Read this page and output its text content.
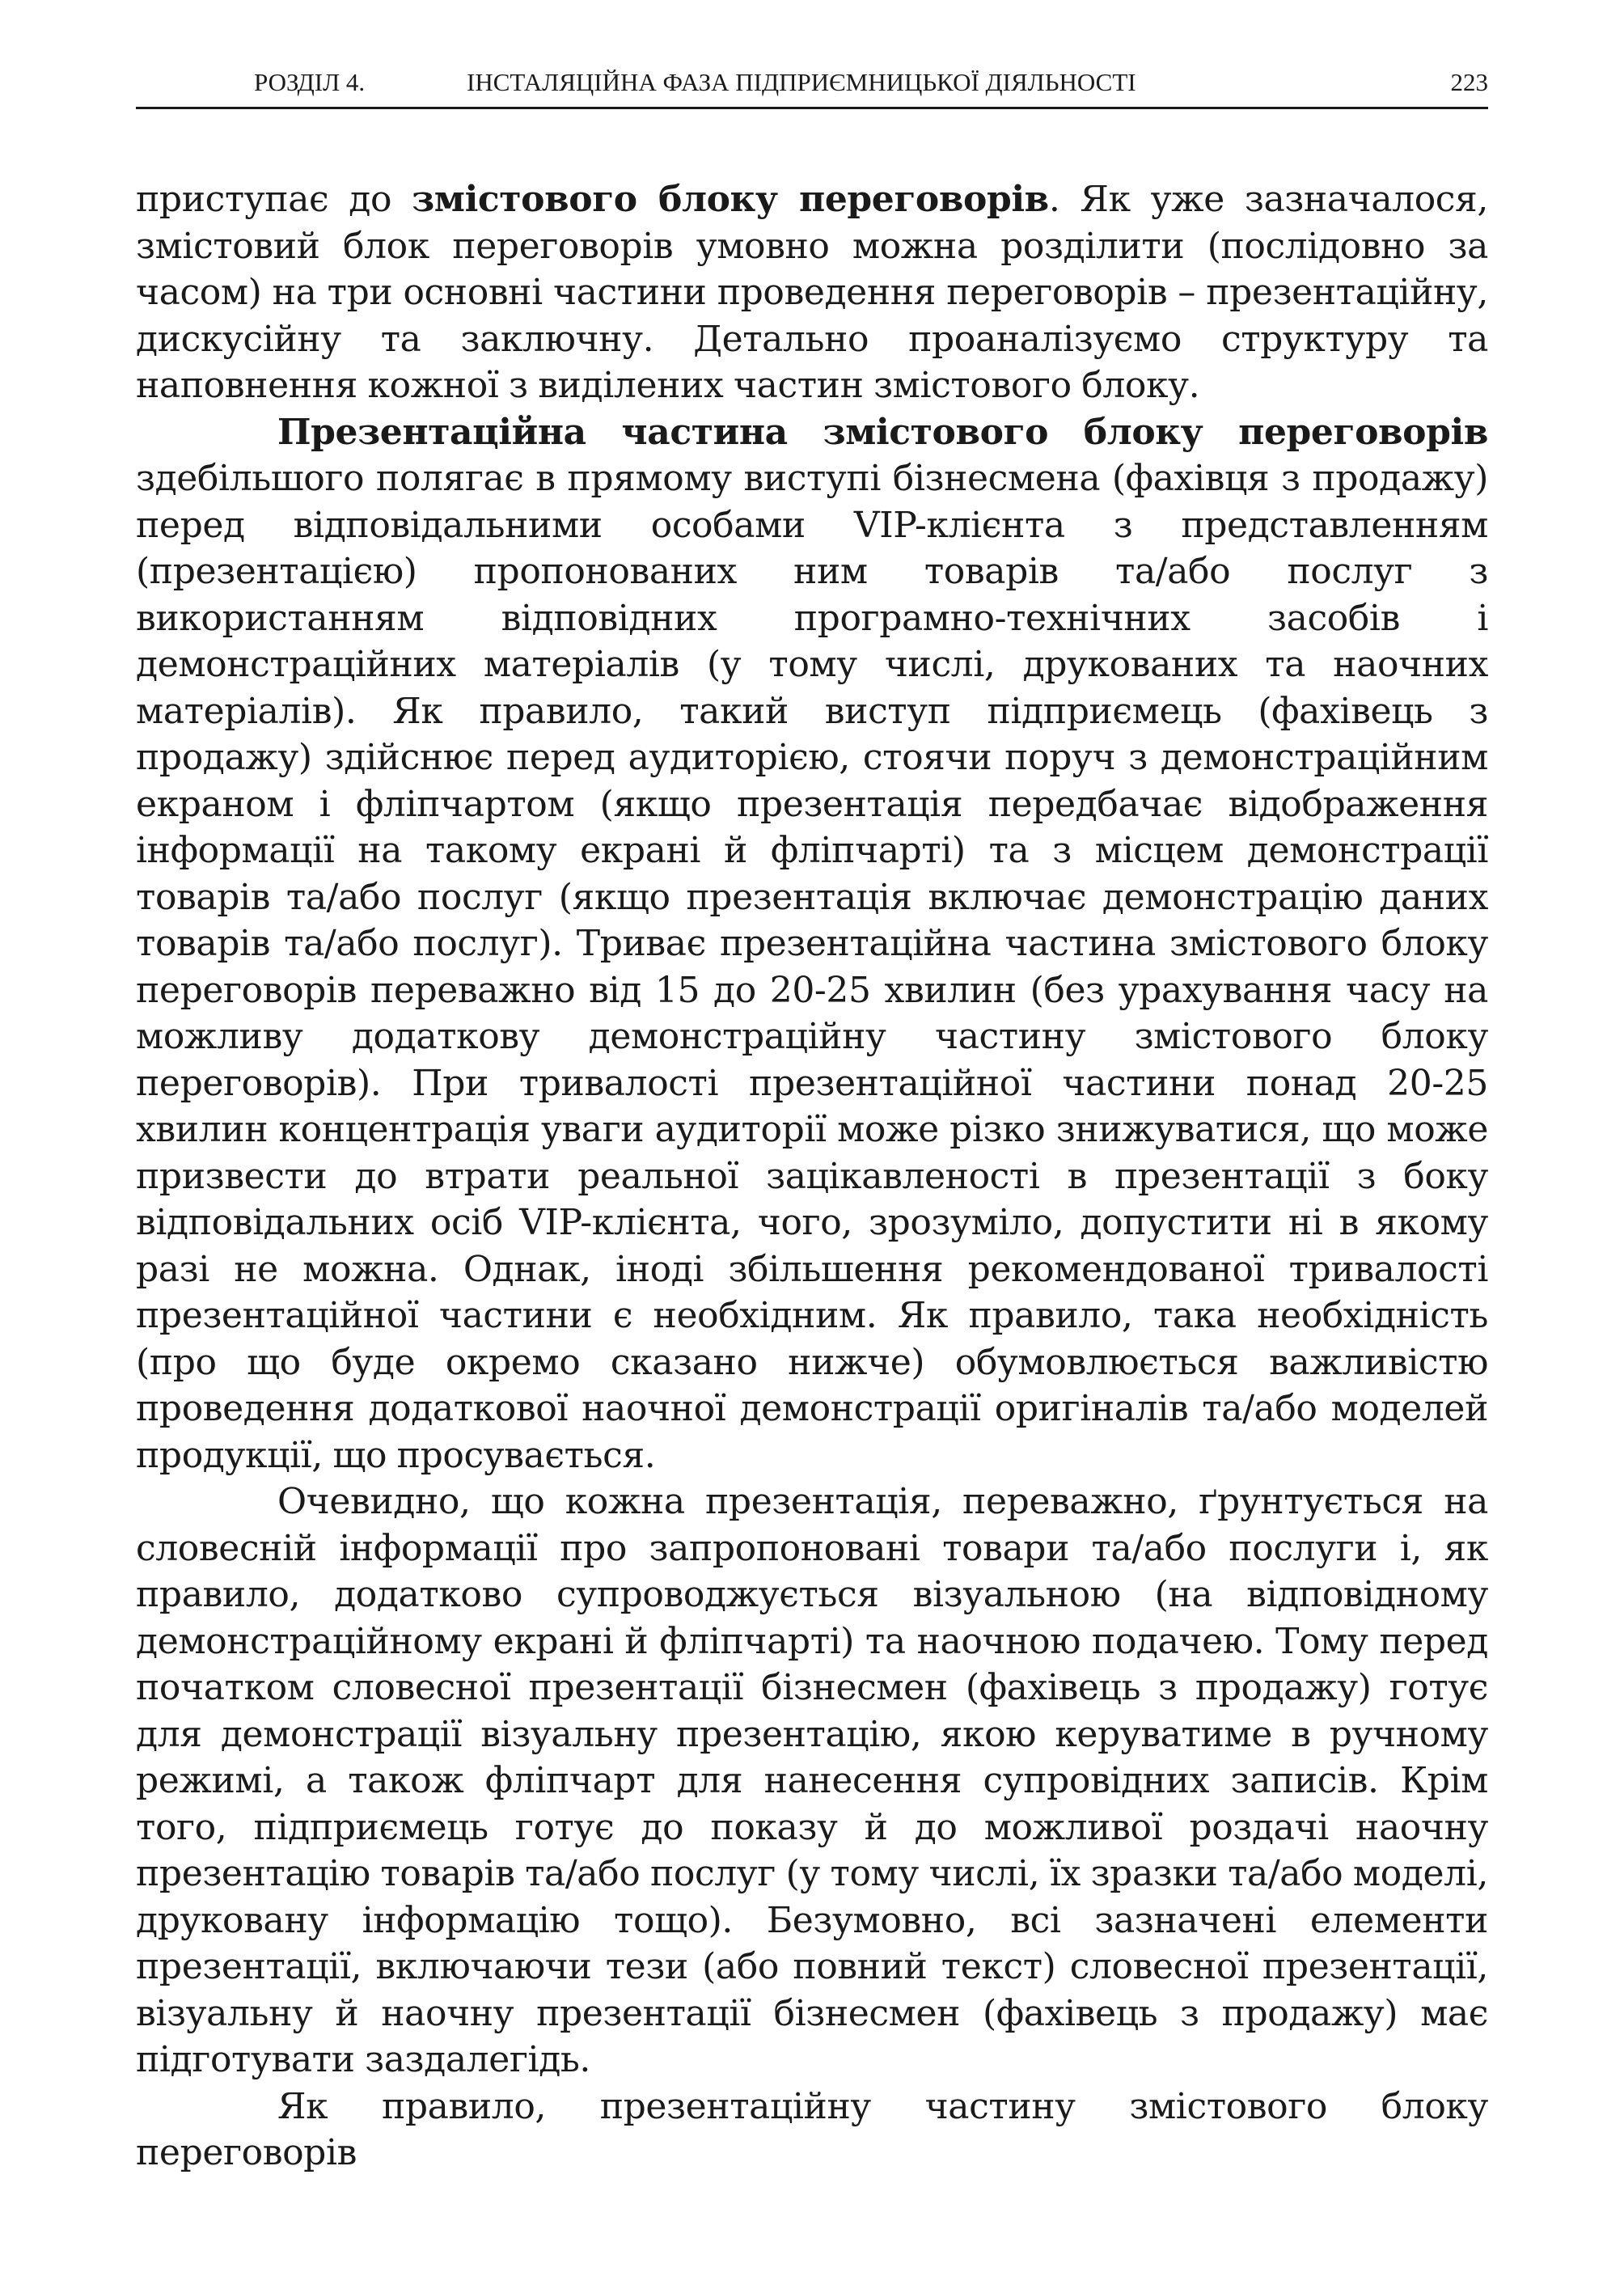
РОЗДІЛ 4.	ІНСТАЛЯЦІЙНА ФАЗА ПІДПРИЄМНИЦЬКОЇ ДІЯЛЬНОСТІ	223

приступає до змістового блоку переговорів. Як уже зазначалося, змістовий блок переговорів умовно можна розділити (послідовно за часом) на три основні частини проведення переговорів – презентаційну, дискусійну та заключну. Детально проаналізуємо структуру та наповнення кожної з виділених частин змістового блоку.

Презентаційна частина змістового блоку переговорів здебільшого полягає в прямому виступі бізнесмена (фахівця з продажу) перед відповідальними особами VIP-клієнта з представленням (презентацією) пропонованих ним товарів та/або послуг з використанням відповідних програмно-технічних засобів і демонстраційних матеріалів (у тому числі, друкованих та наочних матеріалів). Як правило, такий виступ підприємець (фахівець з продажу) здійснює перед аудиторією, стоячи поруч з демонстраційним екраном і фліпчартом (якщо презентація передбачає відображення інформації на такому екрані й фліпчарті) та з місцем демонстрації товарів та/або послуг (якщо презентація включає демонстрацію даних товарів та/або послуг). Триває презентаційна частина змістового блоку переговорів переважно від 15 до 20-25 хвилин (без урахування часу на можливу додаткову демонстраційну частину змістового блоку переговорів). При тривалості презентаційної частини понад 20-25 хвилин концентрація уваги аудиторії може різко знижуватися, що може призвести до втрати реальної зацікавленості в презентації з боку відповідальних осіб VIP-клієнта, чого, зрозуміло, допустити ні в якому разі не можна. Однак, іноді збільшення рекомендованої тривалості презентаційної частини є необхідним. Як правило, така необхідність (про що буде окремо сказано нижче) обумовлюється важливістю проведення додаткової наочної демонстрації оригіналів та/або моделей продукції, що просувається.

Очевидно, що кожна презентація, переважно, ґрунтується на словесній інформації про запропоновані товари та/або послуги і, як правило, додатково супроводжується візуальною (на відповідному демонстраційному екрані й фліпчарті) та наочною подачею. Тому перед початком словесної презентації бізнесмен (фахівець з продажу) готує для демонстрації візуальну презентацію, якою керуватиме в ручному режимі, а також фліпчарт для нанесення супровідних записів. Крім того, підприємець готує до показу й до можливої роздачі наочну презентацію товарів та/або послуг (у тому числі, їх зразки та/або моделі, друковану інформацію тощо). Безумовно, всі зазначені елементи презентації, включаючи тези (або повний текст) словесної презентації, візуальну й наочну презентації бізнесмен (фахівець з продажу) має підготувати заздалегідь.

Як правило, презентаційну частину змістового блоку переговорів
